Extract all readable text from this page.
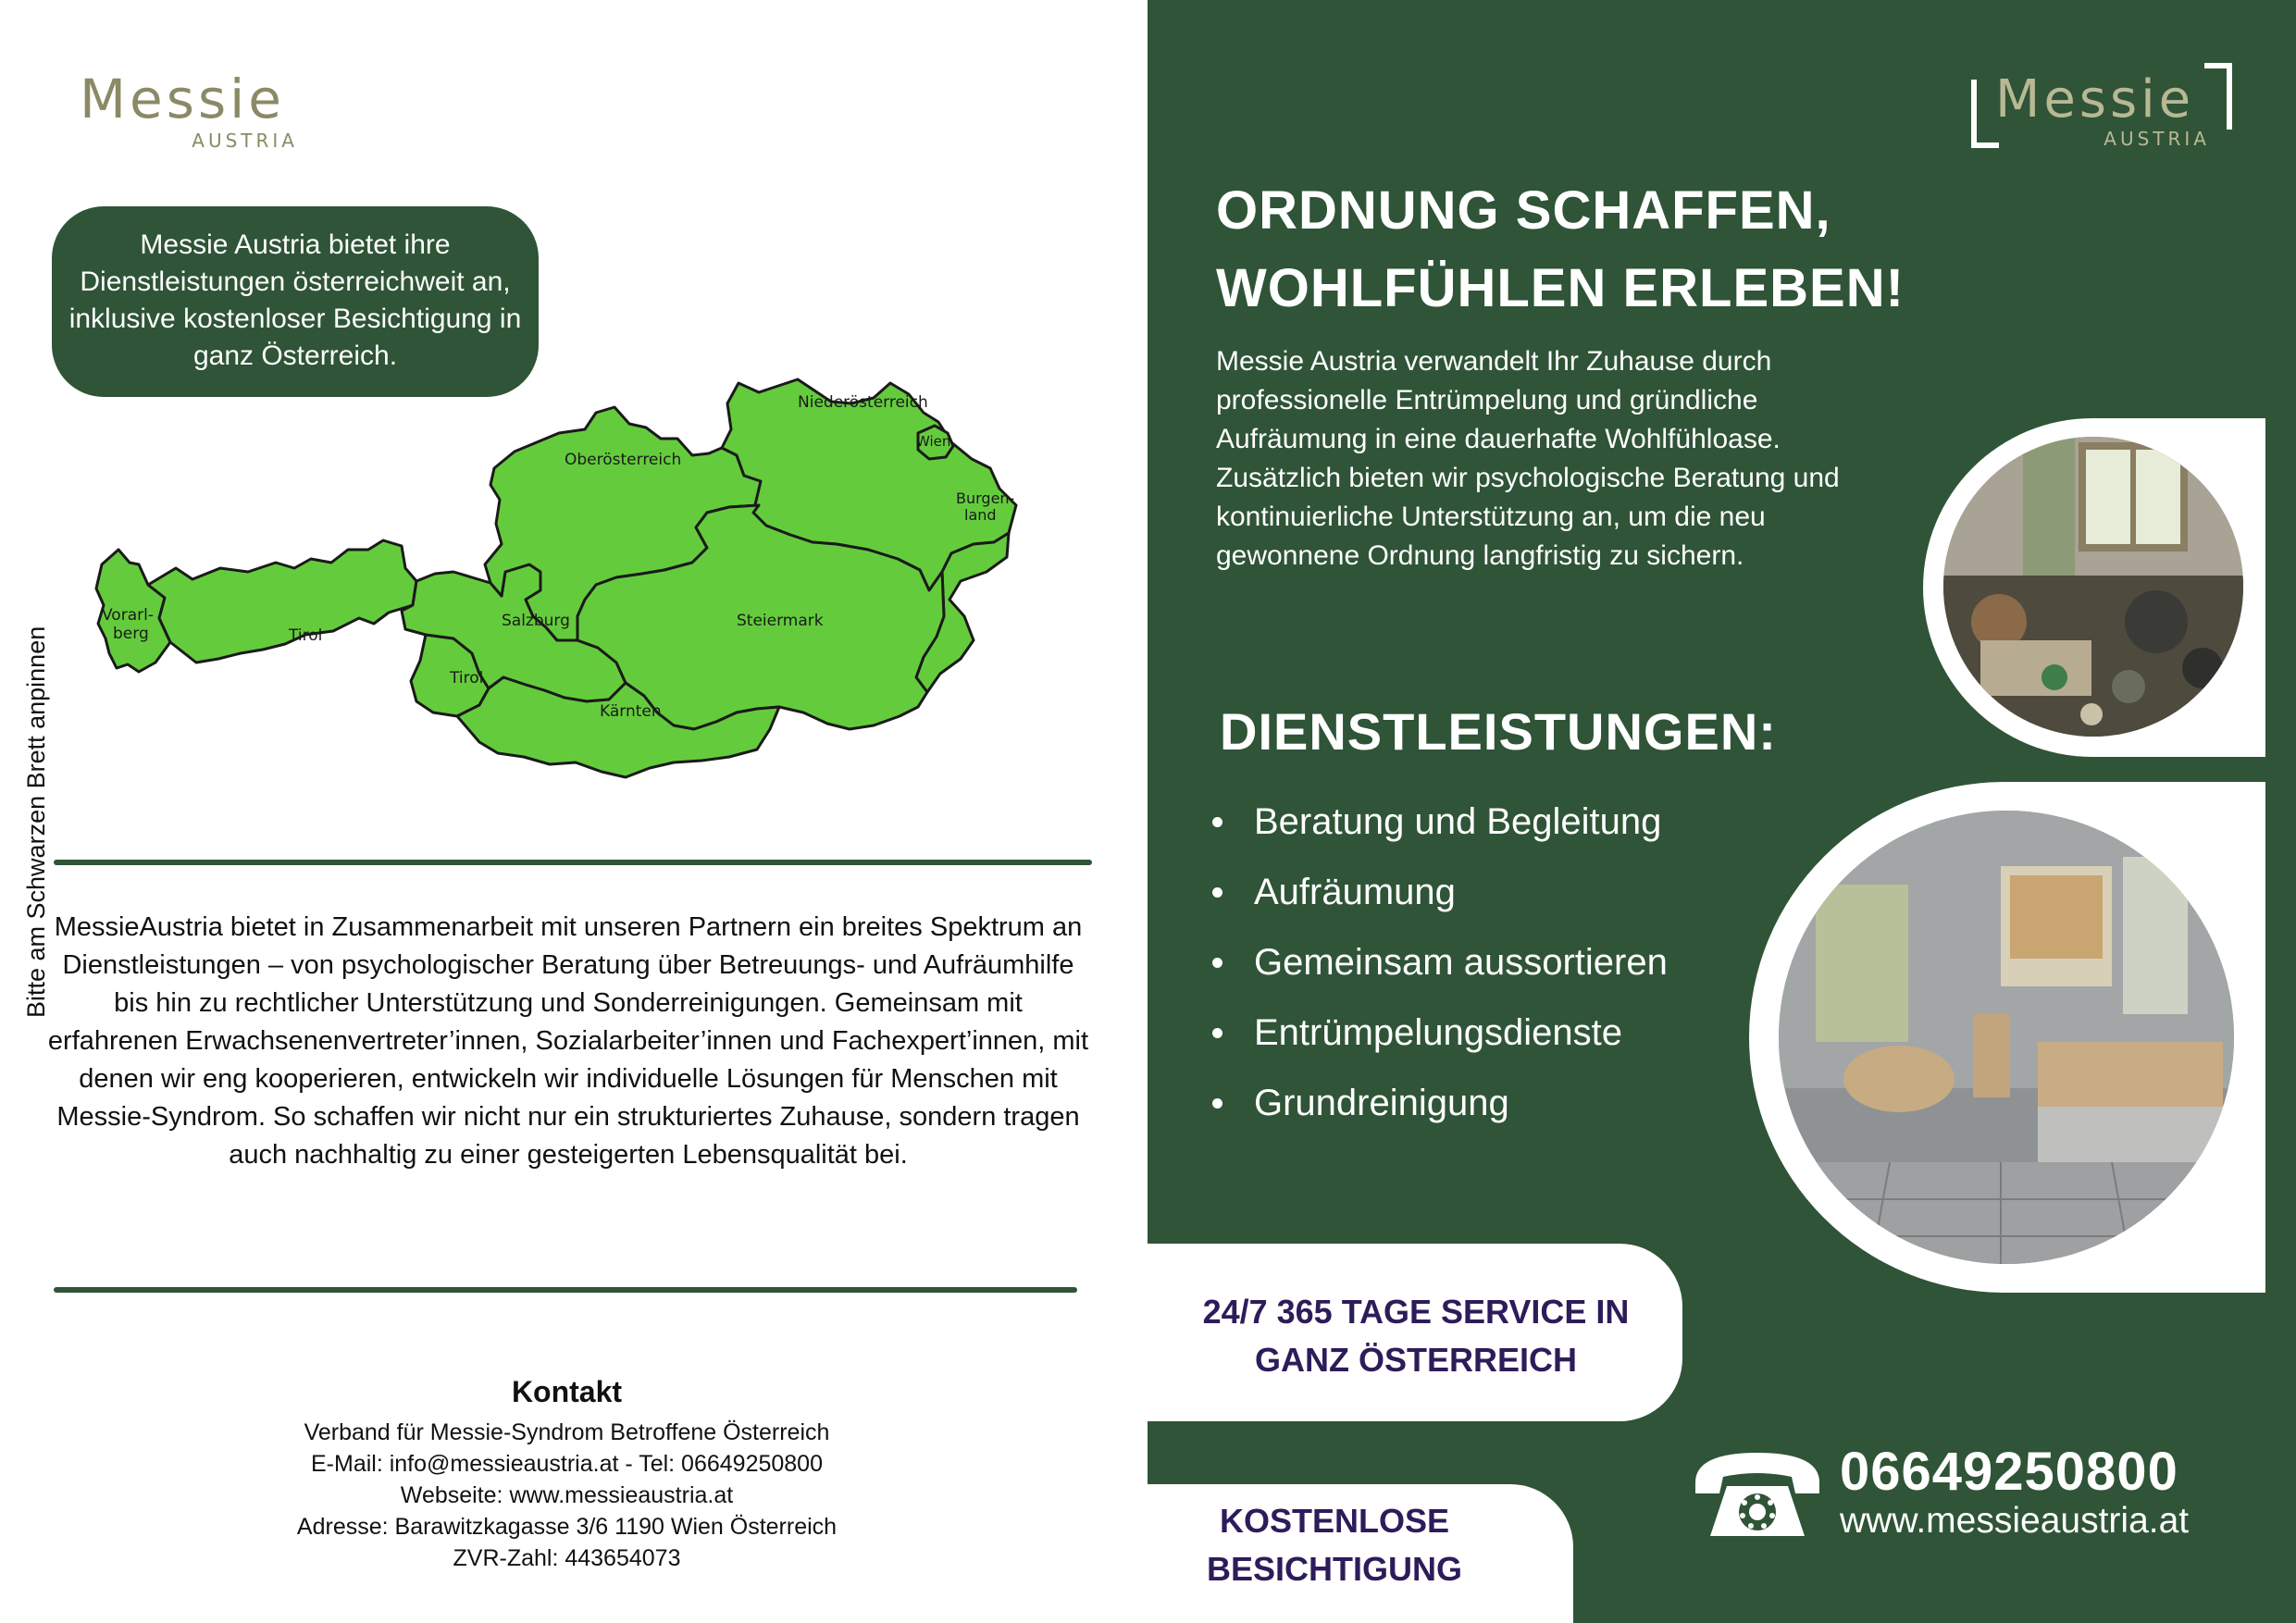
Messie
AUSTRIA
Messie Austria bietet ihre Dienstleistungen österreichweit an, inklusive kostenloser Besichtigung in ganz Österreich.
Vorarl-
berg	Tirol
Tirol
Salzburg
Oberösterreich
Niederösterreich
Wien
Burgen-
land
Steiermark
Kärnten
Bitte am Schwarzen Brett anpinnen MessieAustria bietet in Zusammenarbeit mit unseren Partnern ein breites Spektrum an Dienstleistungen – von psychologischer Beratung über Betreuungs- und Aufräumhilfe bis hin zu rechtlicher Unterstützung und Sonderreinigungen. Gemeinsam mit erfahrenen Erwachsenenvertreter’innen, Sozialarbeiter’innen und Fachexpert’innen, mit denen wir eng kooperieren, entwickeln wir individuelle Lösungen für Menschen mit Messie-Syndrom. So schaffen wir nicht nur ein strukturiertes Zuhause, sondern tragen auch nachhaltig zu einer gesteigerten Lebensqualität bei.
Kontakt
Verband für Messie-Syndrom Betroffene Österreich
E-Mail: info@messieaustria.at - Tel: 06649250800
Webseite: www.messieaustria.at
Adresse: Barawitzkagasse 3/6 1190 Wien Österreich
ZVR-Zahl: 443654073
Messie
AUSTRIA
ORDNUNG SCHAFFEN,
WOHLFÜHLEN ERLEBEN!
Messie Austria verwandelt Ihr Zuhause durch professionelle Entrümpelung und gründliche Aufräumung in eine dauerhafte Wohlfühloase. Zusätzlich bieten wir psychologische Beratung und kontinuierliche Unterstützung an, um die neu gewonnene Ordnung langfristig zu sichern.
DIENSTLEISTUNGEN:
Beratung und Begleitung
Aufräumung
Gemeinsam aussortieren
Entrümpelungsdienste
Grundreinigung
24/7 365 TAGE SERVICE IN
GANZ ÖSTERREICH
KOSTENLOSE
BESICHTIGUNG
06649250800
www.messieaustria.at
